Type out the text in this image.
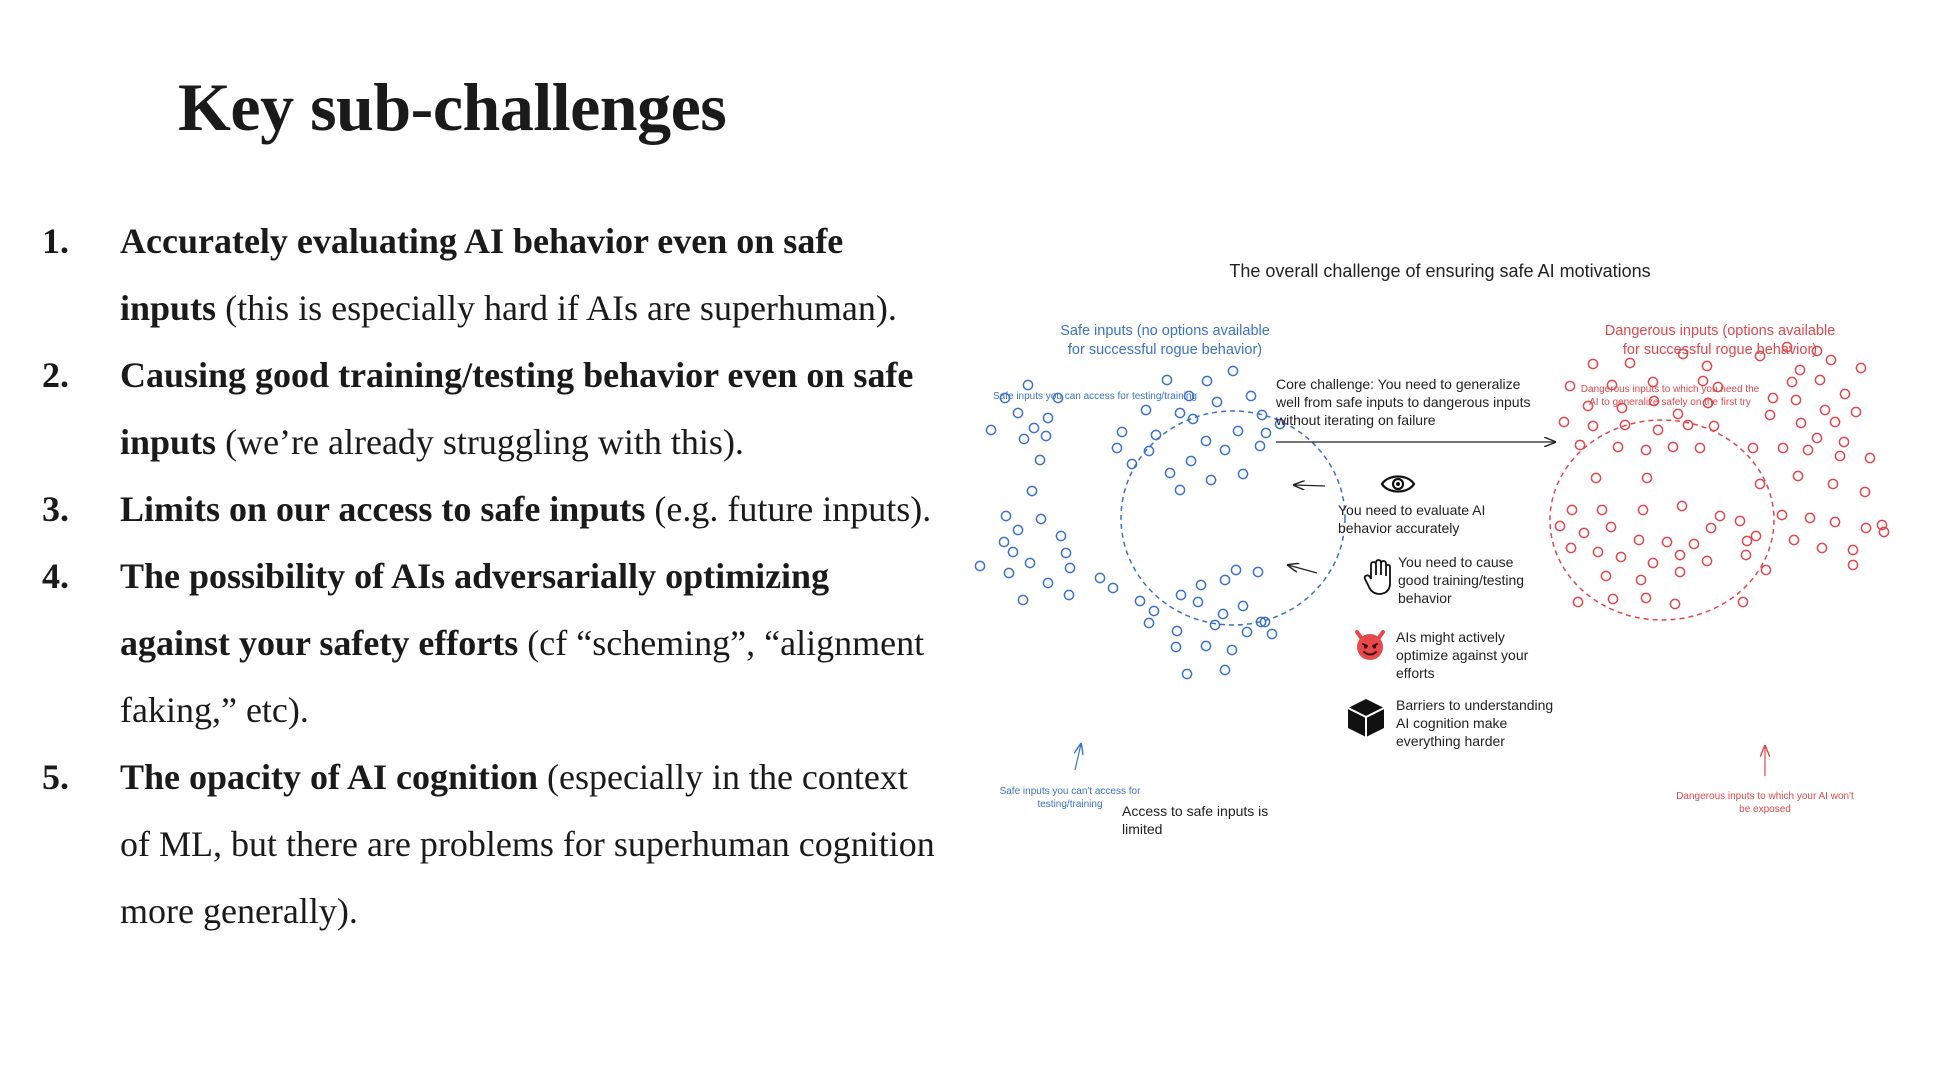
Key sub-challenges
1. Accurately evaluating AI behavior even on safe inputs (this is especially hard if AIs are superhuman).
2. Causing good training/testing behavior even on safe inputs (we’re already struggling with this).
3. Limits on our access to safe inputs (e.g. future inputs).
4. The possibility of AIs adversarially optimizing against your safety efforts (cf “scheming”, “alignment faking,” etc).
5. The opacity of AI cognition (especially in the context of ML, but there are problems for superhuman cognition more generally).
The overall challenge of ensuring safe AI motivations
Safe inputs (no options available
for successful rogue behavior)
Dangerous inputs (options available
for successful rogue behavior)
Safe inputs you can access for testing/training
Dangerous inputs to which you need the
AI to generalize safely on the first try
Core challenge: You need to generalize
well from safe inputs to dangerous inputs
without iterating on failure
You need to evaluate AI
behavior accurately
You need to cause
good training/testing
behavior
AIs might actively
optimize against your
efforts
Barriers to understanding
AI cognition make
everything harder
Safe inputs you can't access for
testing/training	Access to safe inputs is
limited
Dangerous inputs to which your AI won't
be exposed
